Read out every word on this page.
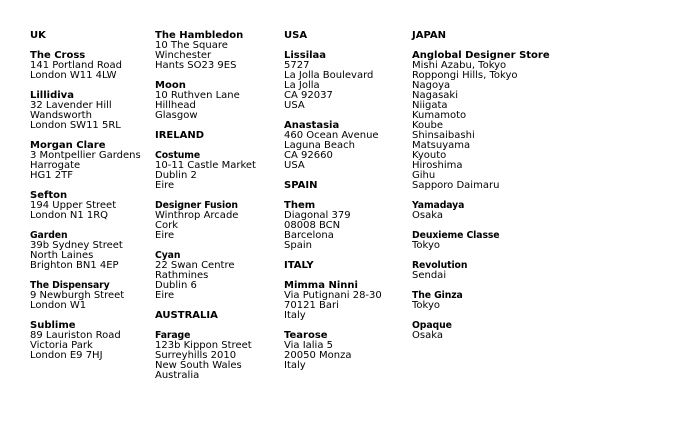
UK
The Cross
141 Portland Road
London W11 4LW
Lillidiva
32 Lavender Hill
Wandsworth
London SW11 5RL
Morgan Clare
3 Montpellier Gardens
Harrogate
HG1 2TF
Sefton
194 Upper Street
London N1 1RQ
Garden
39b Sydney Street
North Laines
Brighton BN1 4EP
The Dispensary
9 Newburgh Street
London W1
Sublime
89 Lauriston Road
Victoria Park
London E9 7HJ
The Hambledon
10 The Square
Winchester
Hants SO23 9ES
Moon
10 Ruthven Lane
Hillhead
Glasgow
IRELAND
Costume
10-11 Castle Market
Dublin 2
Eire
Designer Fusion
Winthrop Arcade
Cork
Eire
Cyan
22 Swan Centre
Rathmines
Dublin 6
Eire
AUSTRALIA
Farage
123b Kippon Street
Surreyhills 2010
New South Wales
Australia
USA
Lissilaa
5727
La Jolla Boulevard
La Jolla
CA 92037
USA
Anastasia
460 Ocean Avenue
Laguna Beach
CA 92660
USA
SPAIN
Them
Diagonal 379
08008 BCN
Barcelona
Spain
ITALY
Mimma Ninni
Via Putignani 28-30
70121 Bari
Italy
Tearose
Via Ialia 5
20050 Monza
Italy
JAPAN
Anglobal Designer Store
Mishi Azabu, Tokyo
Roppongi Hills, Tokyo
Nagoya
Nagasaki
Niigata
Kumamoto
Koube
Shinsaibashi
Matsuyama
Kyouto
Hiroshima
Gihu
Sapporo Daimaru
Yamadaya
Osaka
Deuxieme Classe
Tokyo
Revolution
Sendai
The Ginza
Tokyo
Opaque
Osaka
